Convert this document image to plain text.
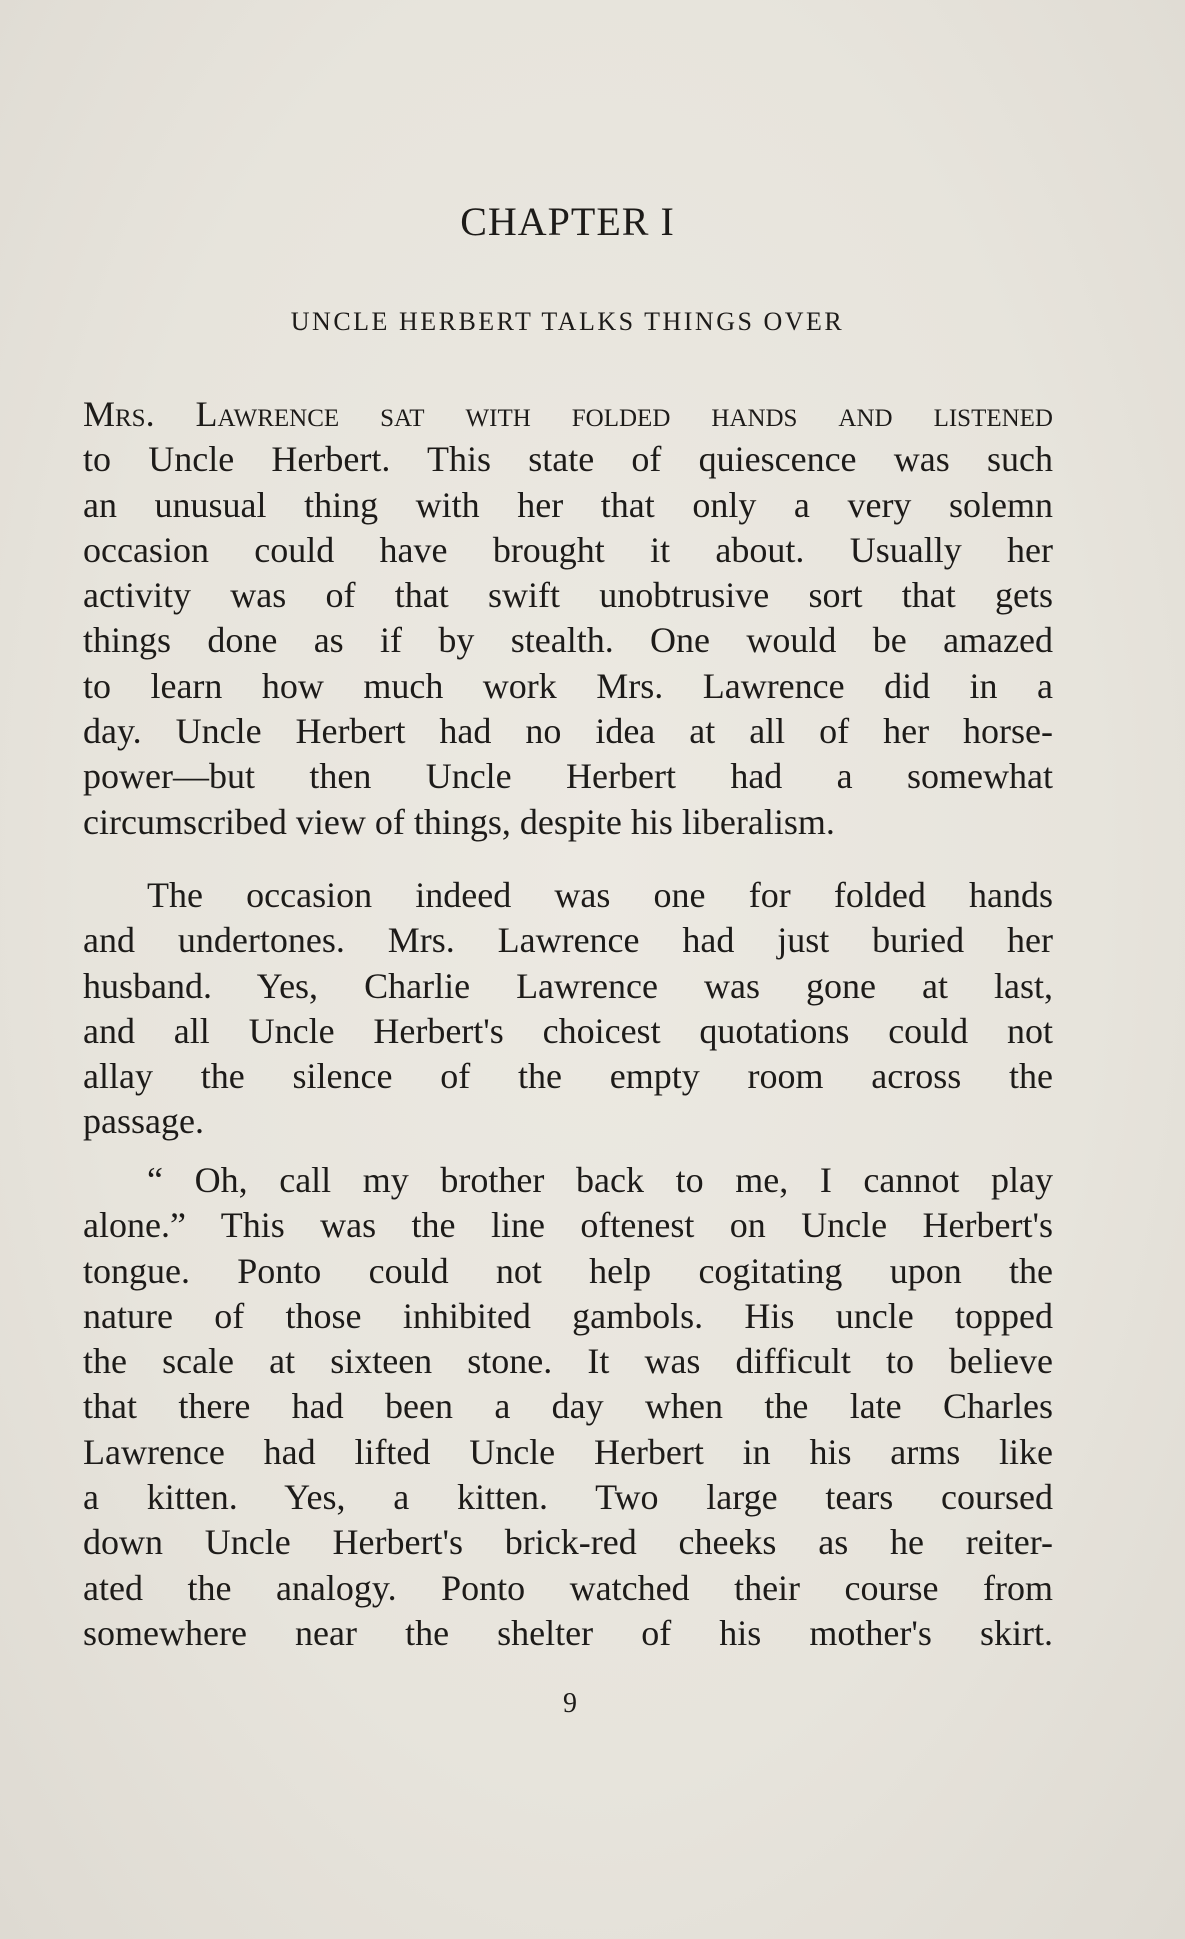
CHAPTER I
UNCLE HERBERT TALKS THINGS OVER
Mrs. Lawrence sat with folded hands and listened
to Uncle Herbert. This state of quiescence was such
an unusual thing with her that only a very solemn
occasion could have brought it about. Usually her
activity was of that swift unobtrusive sort that gets
things done as if by stealth. One would be amazed
to learn how much work Mrs. Lawrence did in a
day. Uncle Herbert had no idea at all of her horse-
power—but then Uncle Herbert had a somewhat
circumscribed view of things, despite his liberalism.
The occasion indeed was one for folded hands
and undertones. Mrs. Lawrence had just buried her
husband. Yes, Charlie Lawrence was gone at last,
and all Uncle Herbert's choicest quotations could not
allay the silence of the empty room across the
passage.
“ Oh, call my brother back to me, I cannot play
alone.” This was the line oftenest on Uncle Herbert's
tongue. Ponto could not help cogitating upon the
nature of those inhibited gambols. His uncle topped
the scale at sixteen stone. It was difficult to believe
that there had been a day when the late Charles
Lawrence had lifted Uncle Herbert in his arms like
a kitten. Yes, a kitten. Two large tears coursed
down Uncle Herbert's brick-red cheeks as he reiter-
ated the analogy. Ponto watched their course from
somewhere near the shelter of his mother's skirt.
9
